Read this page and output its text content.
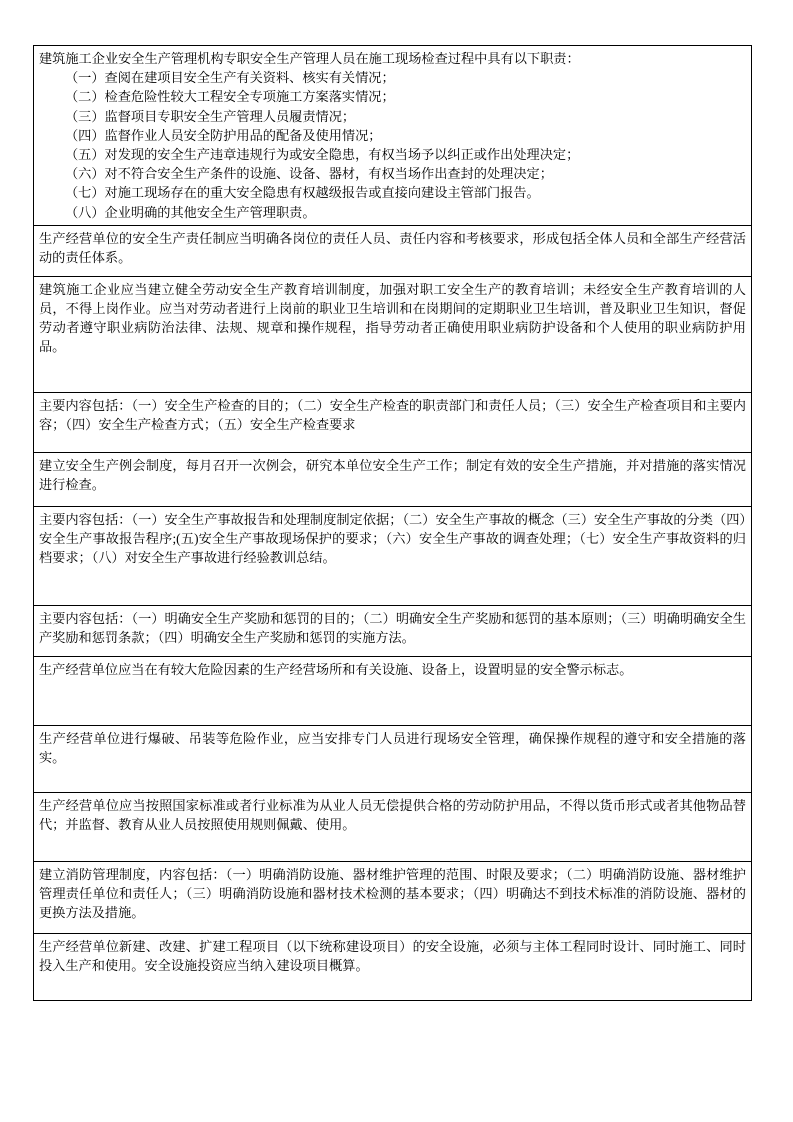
建筑施工企业安全生产管理机构专职安全生产管理人员在施工现场检查过程中具有以下职责：

（一）查阅在建项目安全生产有关资料、核实有关情况；

（二）检查危险性较大工程安全专项施工方案落实情况；

（三）监督项目专职安全生产管理人员履责情况；

（四）监督作业人员安全防护用品的配备及使用情况；

（五）对发现的安全生产违章违规行为或安全隐患，有权当场予以纠正或作出处理决定；

（六）对不符合安全生产条件的设施、设备、器材，有权当场作出查封的处理决定；

（七）对施工现场存在的重大安全隐患有权越级报告或直接向建设主管部门报告。

（八）企业明确的其他安全生产管理职责。

生产经营单位的安全生产责任制应当明确各岗位的责任人员、责任内容和考核要求，形成包括全体人员和全部生产经营活动的责任体系。

建筑施工企业应当建立健全劳动安全生产教育培训制度，加强对职工安全生产的教育培训；未经安全生产教育培训的人员，不得上岗作业。应当对劳动者进行上岗前的职业卫生培训和在岗期间的定期职业卫生培训，普及职业卫生知识，督促劳动者遵守职业病防治法律、法规、规章和操作规程，指导劳动者正确使用职业病防护设备和个人使用的职业病防护用品。

主要内容包括：（一）安全生产检查的目的；（二）安全生产检查的职责部门和责任人员；（三）安全生产检查项目和主要内容；（四）安全生产检查方式；（五）安全生产检查要求

建立安全生产例会制度，每月召开一次例会，研究本单位安全生产工作；制定有效的安全生产措施，并对措施的落实情况进行检查。

主要内容包括：（一）安全生产事故报告和处理制度制定依据；（二）安全生产事故的概念（三）安全生产事故的分类（四）安全生产事故报告程序;(五)安全生产事故现场保护的要求；（六）安全生产事故的调查处理；（七）安全生产事故资料的归档要求；（八）对安全生产事故进行经验教训总结。

主要内容包括：（一）明确安全生产奖励和惩罚的目的；（二）明确安全生产奖励和惩罚的基本原则；（三）明确明确安全生产奖励和惩罚条款；（四）明确安全生产奖励和惩罚的实施方法。

生产经营单位应当在有较大危险因素的生产经营场所和有关设施、设备上，设置明显的安全警示标志。

生产经营单位进行爆破、吊装等危险作业，应当安排专门人员进行现场安全管理，确保操作规程的遵守和安全措施的落实。

生产经营单位应当按照国家标准或者行业标准为从业人员无偿提供合格的劳动防护用品，不得以货币形式或者其他物品替代；并监督、教育从业人员按照使用规则佩戴、使用。

建立消防管理制度，内容包括：（一）明确消防设施、器材维护管理的范围、时限及要求；（二）明确消防设施、器材维护管理责任单位和责任人；（三）明确消防设施和器材技术检测的基本要求；（四）明确达不到技术标准的消防设施、器材的更换方法及措施。

生产经营单位新建、改建、扩建工程项目（以下统称建设项目）的安全设施，必须与主体工程同时设计、同时施工、同时投入生产和使用。安全设施投资应当纳入建设项目概算。
